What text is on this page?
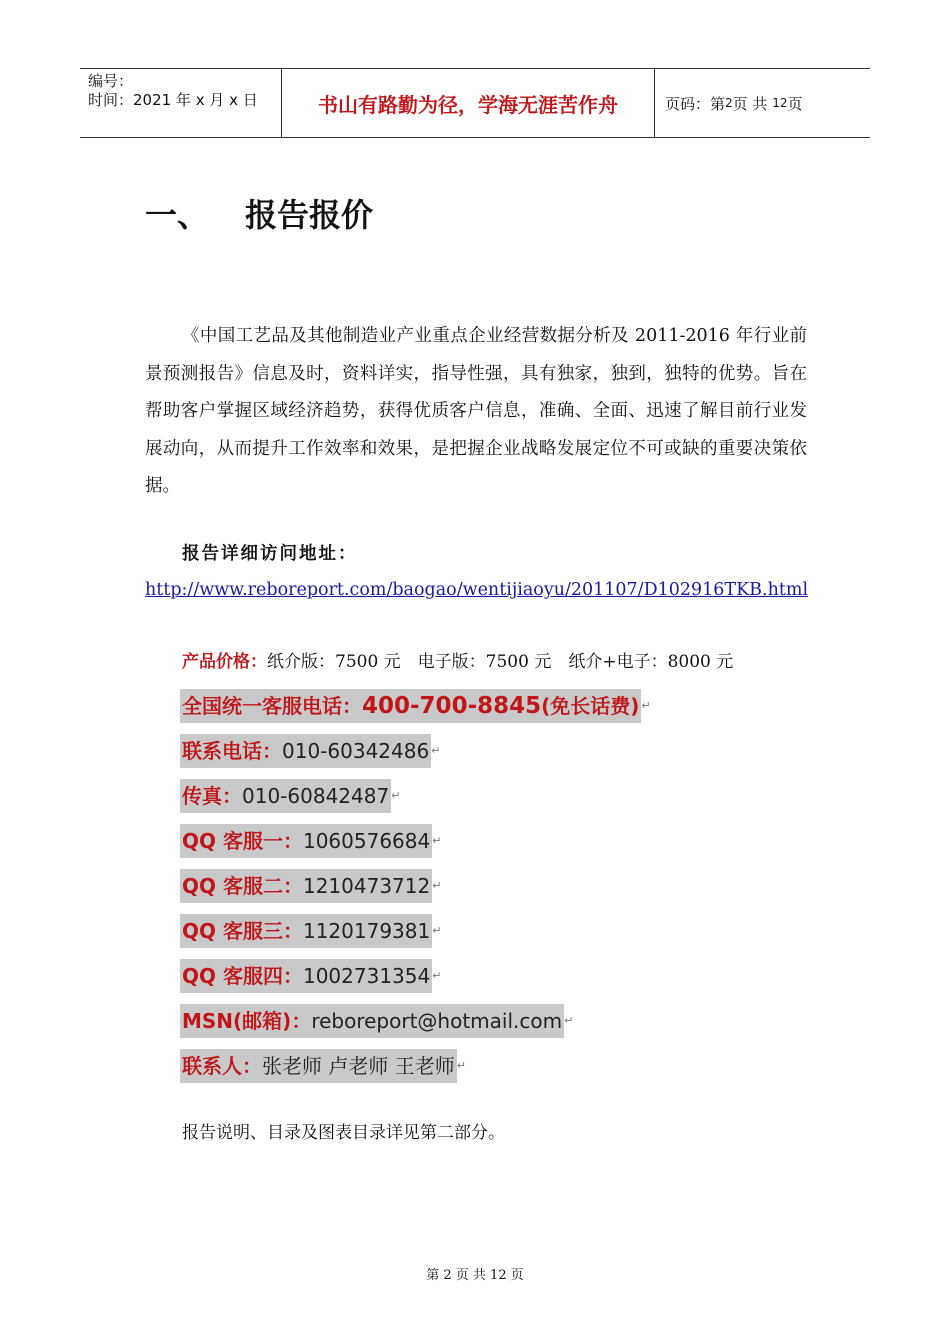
编号：
时间：2021 年 x 月 x 日	书山有路勤为径，学海无涯苦作舟	页码：第 2 页 共
12 页
一、	报告报价
《中国工艺品及其他制造业产业重点企业经营数据分析及 2011-2016 年行业前景预测报告》信息及时，资料详实，指导性强，具有独家，独到，独特的优势。旨在帮助客户掌握区域经济趋势，获得优质客户信息，准确、全面、迅速了解目前行业发展动向，从而提升工作效率和效果，是把握企业战略发展定位不可或缺的重要决策依据。
报告详细访问地址：http://www.reboreport.com/baogao/wentijiaoyu/201107/D102916TKB.html
产品价格：纸介版：7500 元　电子版：7500 元　纸介+电子：8000 元
全国统一客服电话：400-700-8845(免长话费) ↵
联系电话：010-60342486 ↵
传真：010-60842487 ↵
QQ 客服一：1060576684 ↵
QQ 客服二：1210473712 ↵
QQ 客服三：1120179381 ↵
QQ 客服四：1002731354 ↵
MSN(邮箱)：reboreport@hotmail.com ↵
联系人：张老师 卢老师 王老师 ↵
报告说明、目录及图表目录详见第二部分。
第 2 页 共 12 页
